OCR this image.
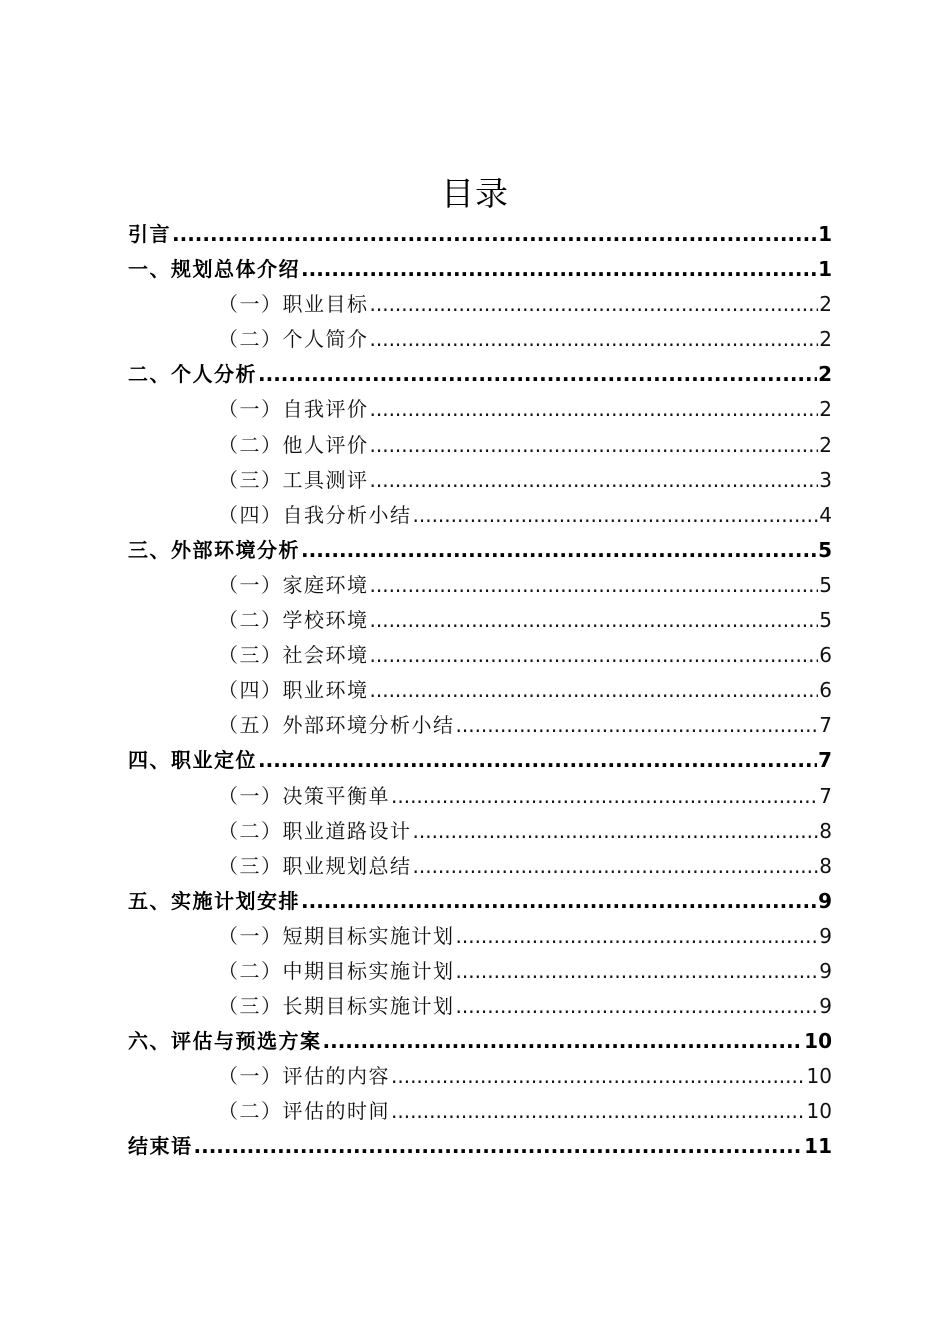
目录
引言 .....	1
一、规划总体介绍 .....	1
（一）职业目标 .....	2
（二）个人简介 .....	2
二、个人分析 .....	2
（一）自我评价 .....	2
（二）他人评价 .....	2
（三）工具测评 .....	3
（四）自我分析小结 .....	4
三、外部环境分析 .....	5
（一）家庭环境 .....	5
（二）学校环境 .....	5
（三）社会环境 .....	6
（四）职业环境 .....	6
（五）外部环境分析小结 .....	7
四、职业定位 .....	7
（一）决策平衡单 .....	7
（二）职业道路设计 .....	8
（三）职业规划总结 .....	8
五、实施计划安排 .....	9
（一）短期目标实施计划 .....	9
（二）中期目标实施计划 .....	9
（三）长期目标实施计划 .....	9
六、评估与预选方案 .....	10
（一）评估的内容 .....	10
（二）评估的时间 .....	10
结束语 .....	11
